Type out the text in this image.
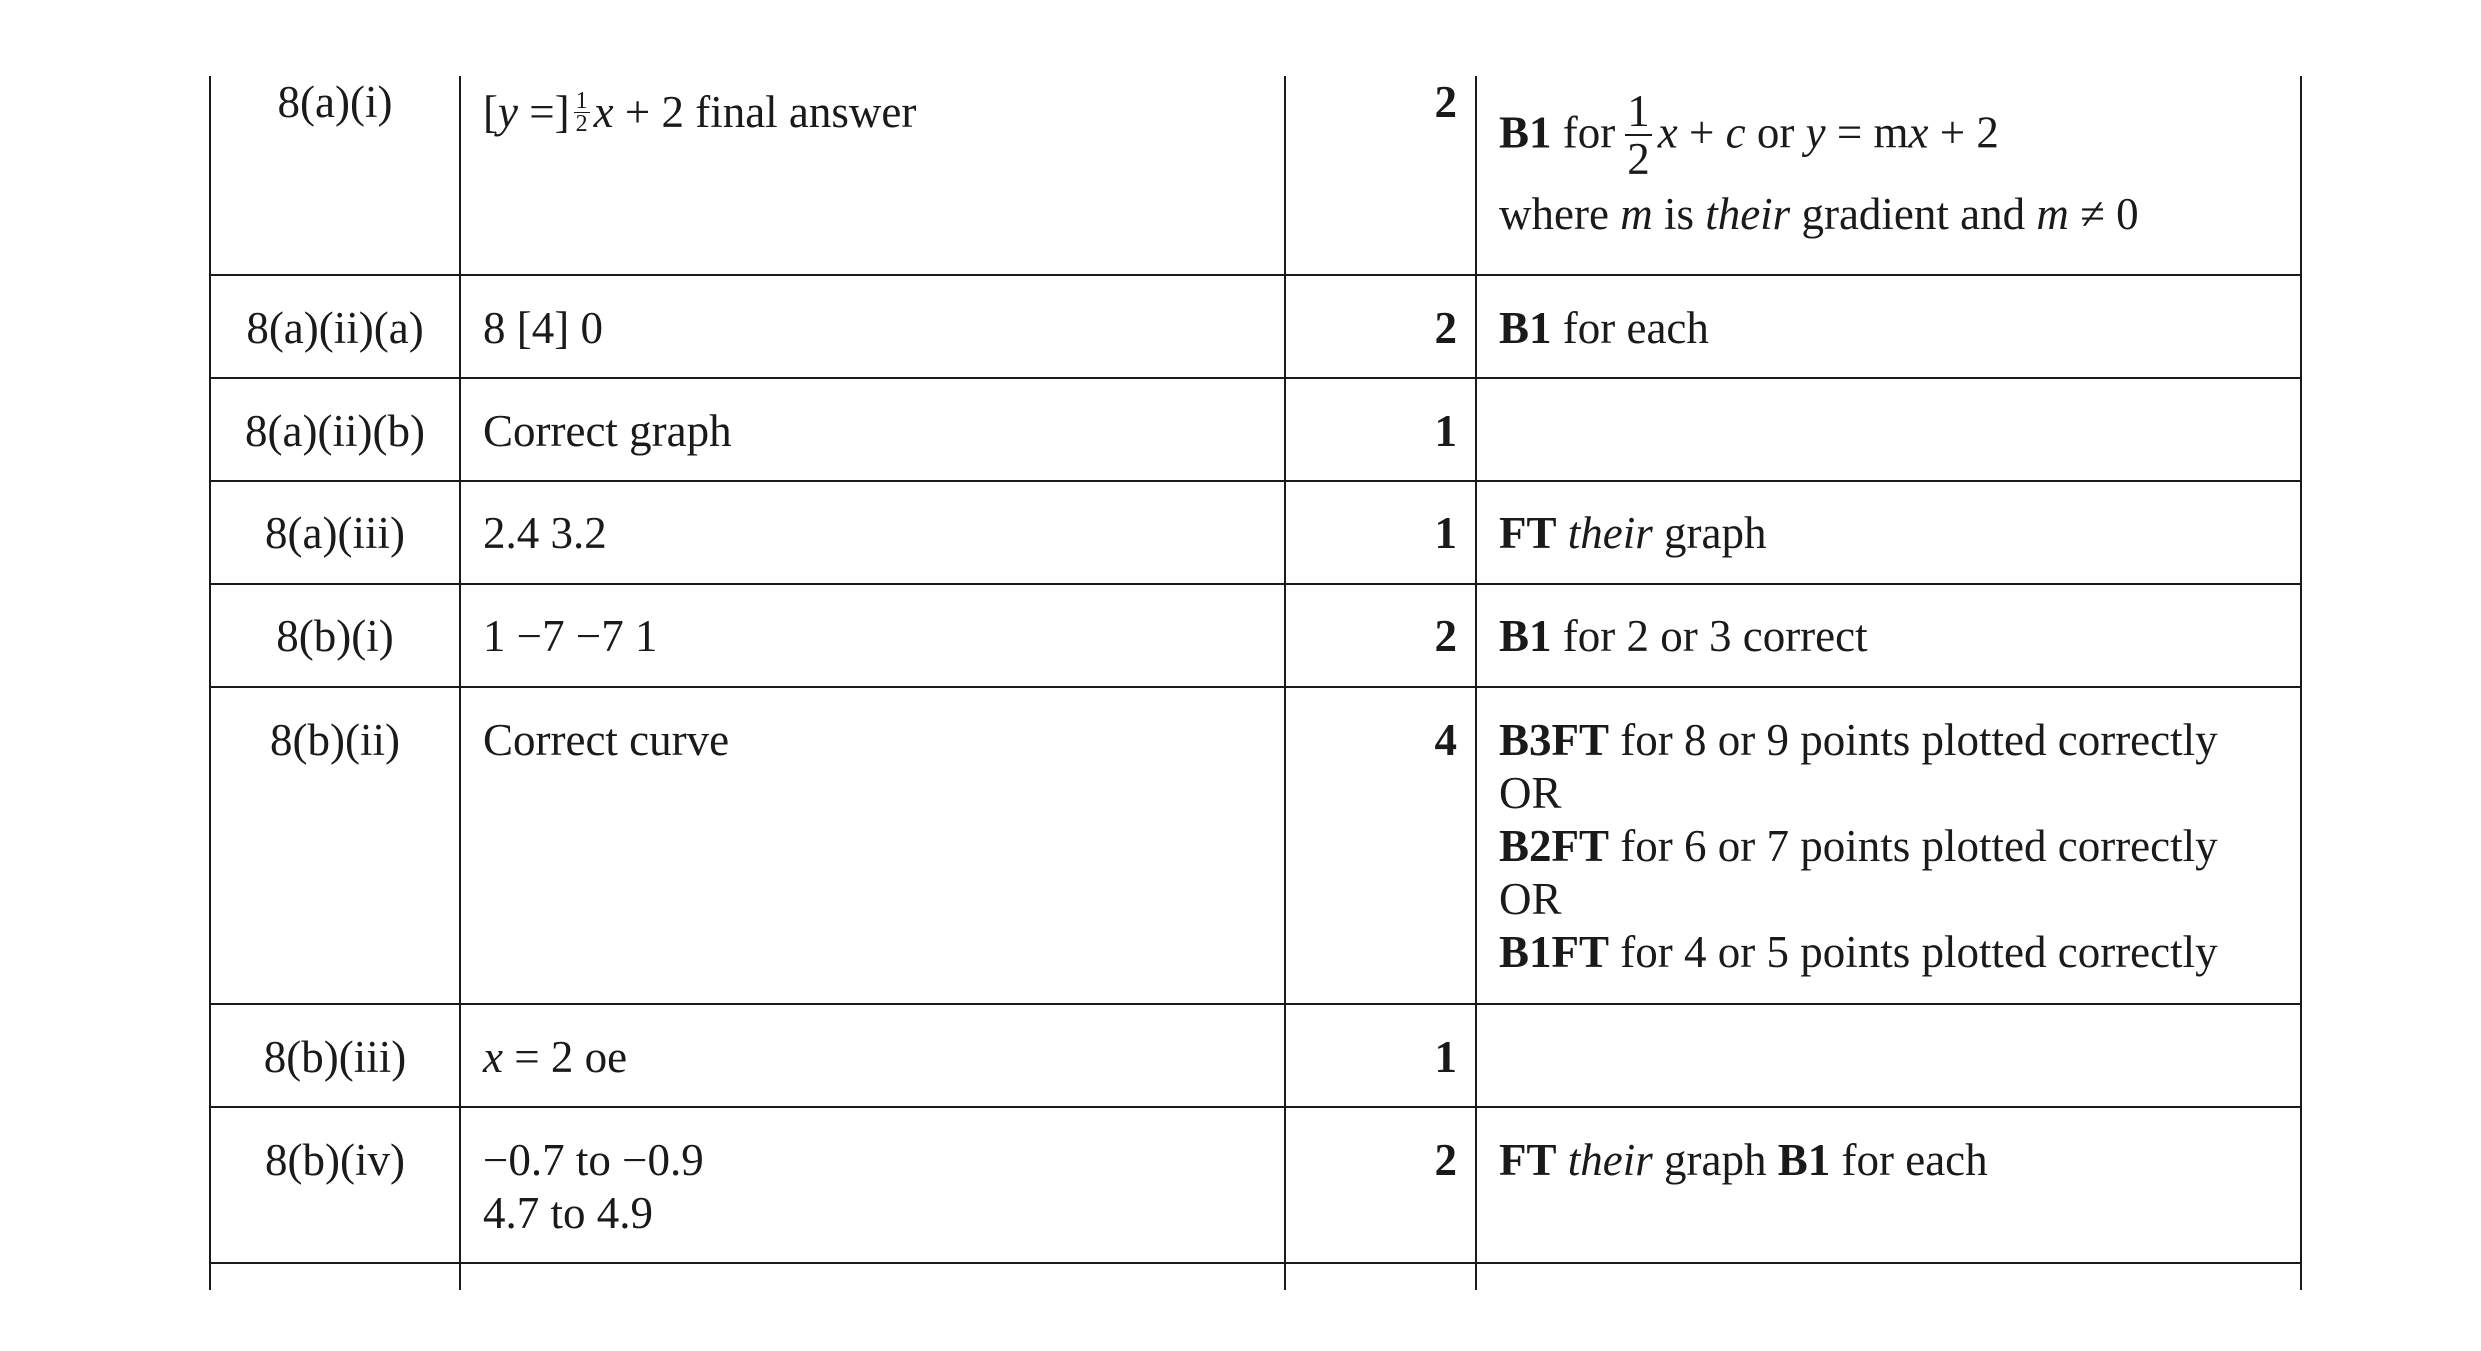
8(a)(i)	[y =] $\frac{1}{2}$ x + 2 final answer	2
B1 for $\frac{1}{2}$ x + c or y = mx + 2
where m is their gradient and m ≠ 0
8(a)(ii)(a)	8 [4] 0	2 B1 for each
8(a)(ii)(b)	Correct graph	1
8(a)(iii)	2.4 3.2	1 FT their graph
8(b)(i)	1 −7 −7 1	2 B1 for 2 or 3 correct
8(b)(ii)	Correct curve	4 B3FT for 8 or 9 points plotted correctly
OR
B2FT for 6 or 7 points plotted correctly
OR
B1FT for 4 or 5 points plotted correctly
8(b)(iii)	x = 2 oe	1
8(b)(iv)	−0.7 to −0.9
4.7 to 4.9
2 FT their graph B1 for each
